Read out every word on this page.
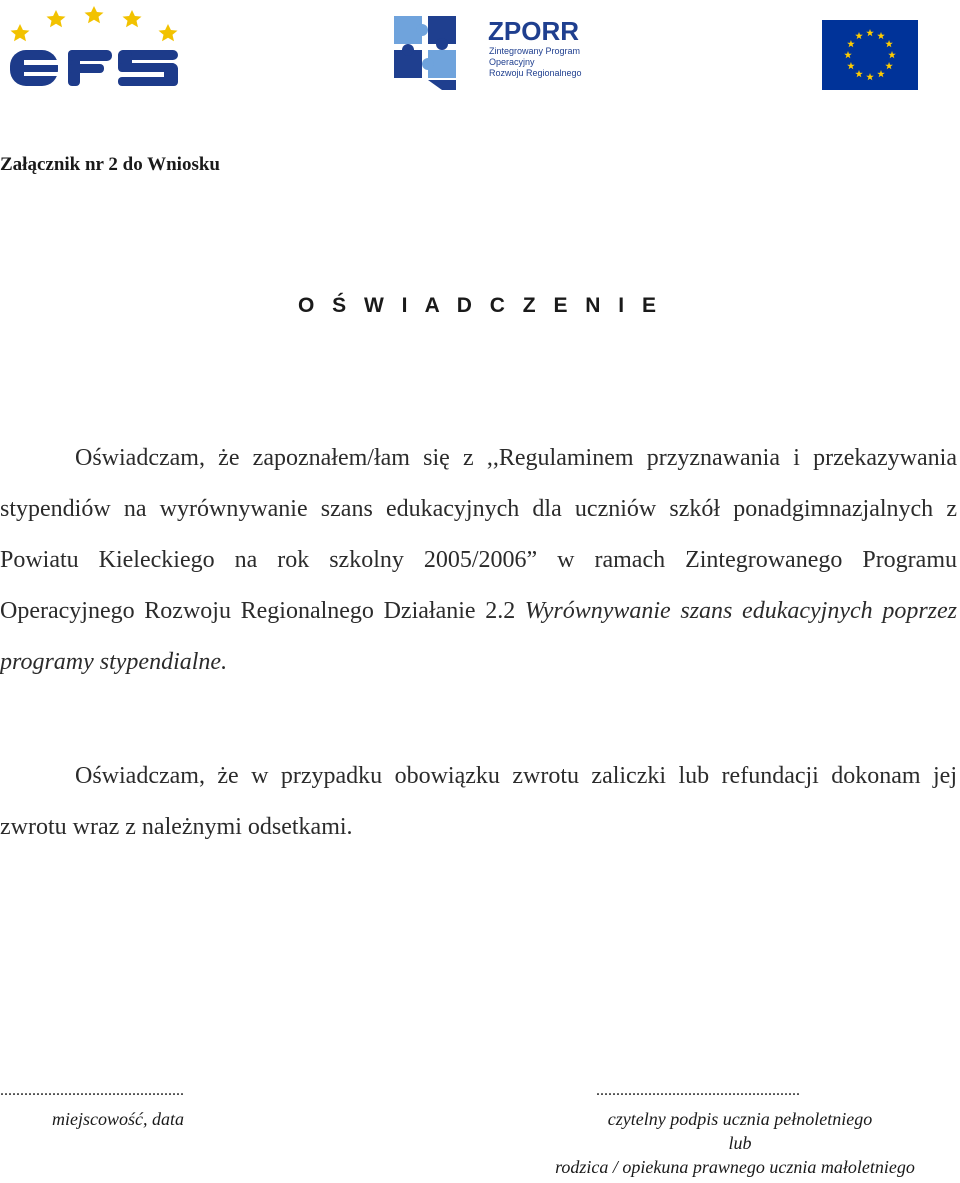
ZPORR
Zintegrowany Program
Operacyjny
Rozwoju Regionalnego
Załącznik nr 2 do Wniosku
O Ś W I A D C Z E N I E
Oświadczam, że zapoznałem/łam się z ,,Regulaminem przyznawania i przekazywania stypendiów na wyrównywanie szans edukacyjnych dla uczniów szkół ponadgimnazjalnych z Powiatu Kieleckiego na rok szkolny 2005/2006” w ramach Zintegrowanego Programu Operacyjnego Rozwoju Regionalnego Działanie 2.2 Wyrównywanie szans edukacyjnych poprzez programy stypendialne.
Oświadczam, że w przypadku obowiązku zwrotu zaliczki lub refundacji dokonam jej zwrotu wraz z należnymi odsetkami.
..............................................	...................................................
miejscowość, data	czytelny podpis ucznia pełnoletniego
lub
rodzica / opiekuna prawnego ucznia małoletniego
